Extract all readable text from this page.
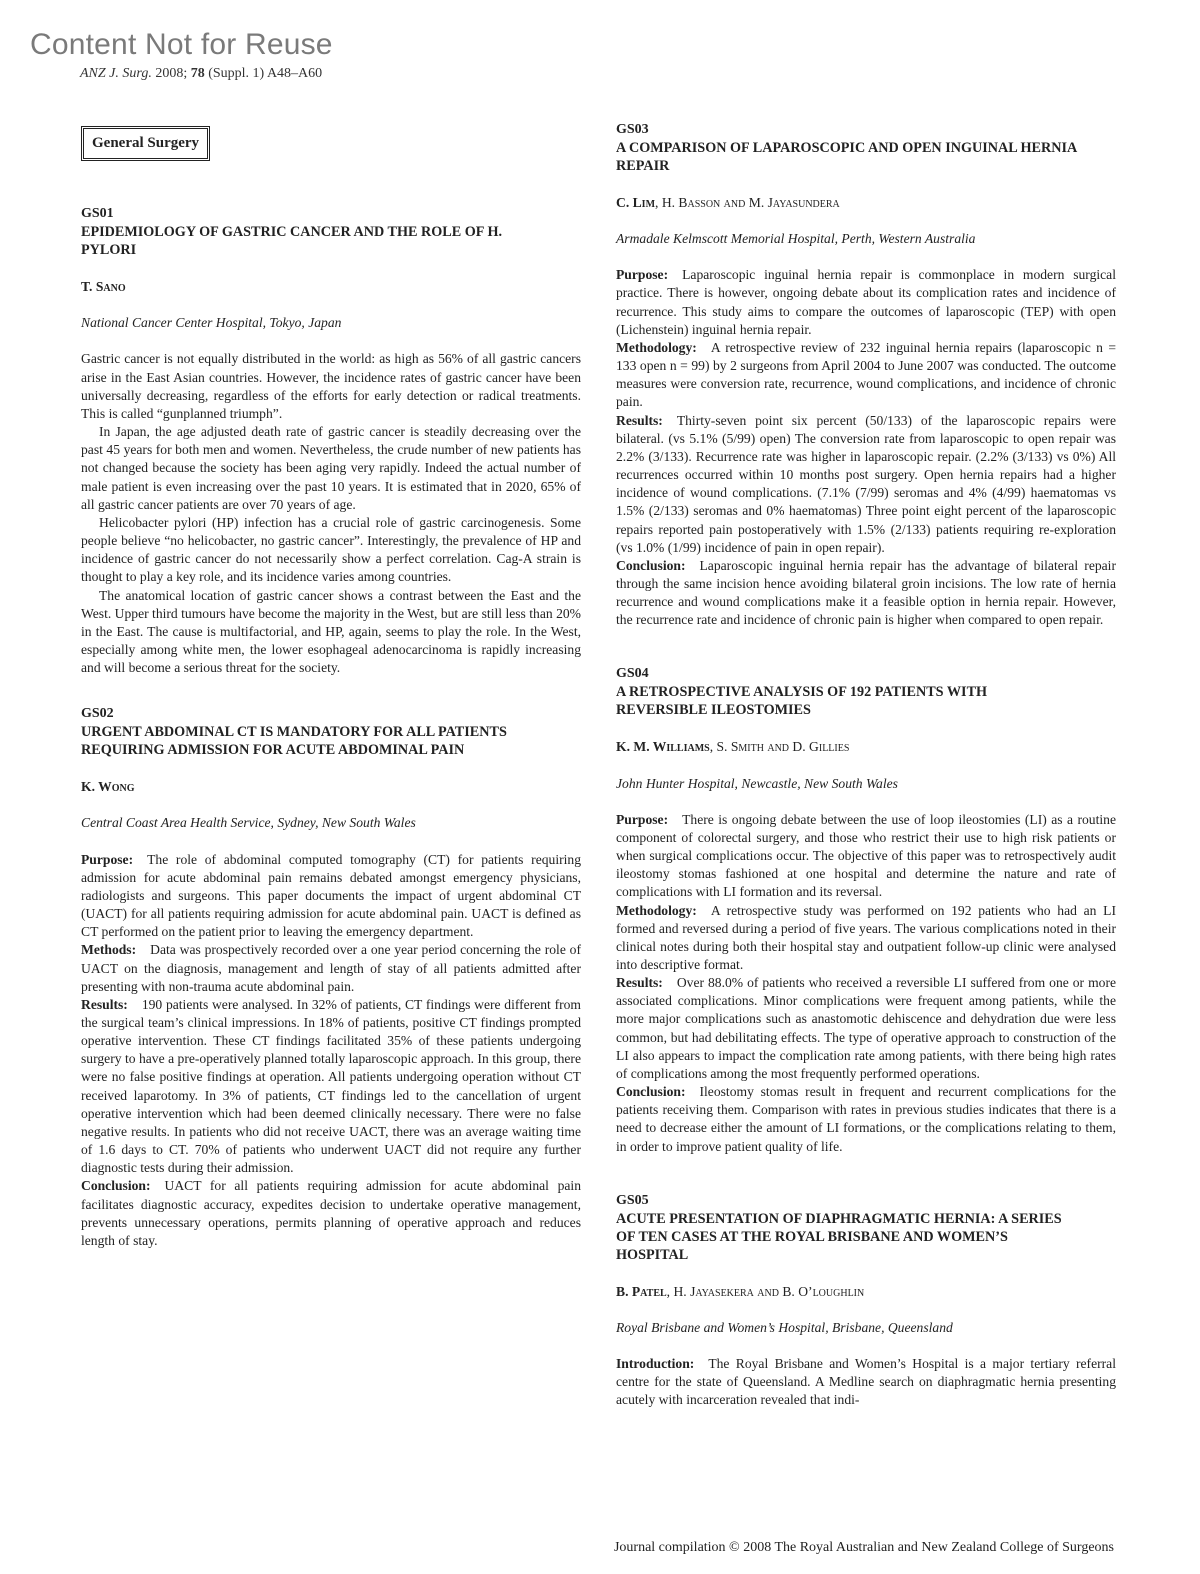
Content Not for Reuse
ANZ J. Surg. 2008; 78 (Suppl. 1) A48–A60
General Surgery

GS01

EPIDEMIOLOGY OF GASTRIC CANCER AND THE ROLE OF H. PYLORI

T. Sano

National Cancer Center Hospital, Tokyo, Japan

Gastric cancer is not equally distributed in the world: as high as 56% of all gastric cancers arise in the East Asian countries. However, the incidence rates of gastric cancer have been universally decreasing, regardless of the efforts for early detection or radical treatments. This is called “gunplanned triumph”.

In Japan, the age adjusted death rate of gastric cancer is steadily decreasing over the past 45 years for both men and women. Nevertheless, the crude number of new patients has not changed because the society has been aging very rapidly. Indeed the actual number of male patient is even increasing over the past 10 years. It is estimated that in 2020, 65% of all gastric cancer patients are over 70 years of age.

Helicobacter pylori (HP) infection has a crucial role of gastric carcinogenesis. Some people believe “no helicobacter, no gastric cancer”. Interestingly, the prevalence of HP and incidence of gastric cancer do not necessarily show a perfect correlation. Cag-A strain is thought to play a key role, and its incidence varies among countries.

The anatomical location of gastric cancer shows a contrast between the East and the West. Upper third tumours have become the majority in the West, but are still less than 20% in the East. The cause is multifactorial, and HP, again, seems to play the role. In the West, especially among white men, the lower esophageal adenocarcinoma is rapidly increasing and will become a serious threat for the society.

GS02

URGENT ABDOMINAL CT IS MANDATORY FOR ALL PATIENTS REQUIRING ADMISSION FOR ACUTE ABDOMINAL PAIN

K. Wong

Central Coast Area Health Service, Sydney, New South Wales

Purpose: The role of abdominal computed tomography (CT) for patients requiring admission for acute abdominal pain remains debated amongst emergency physicians, radiologists and surgeons. This paper documents the impact of urgent abdominal CT (UACT) for all patients requiring admission for acute abdominal pain. UACT is defined as CT performed on the patient prior to leaving the emergency department.

Methods: Data was prospectively recorded over a one year period concerning the role of UACT on the diagnosis, management and length of stay of all patients admitted after presenting with non-trauma acute abdominal pain.

Results: 190 patients were analysed. In 32% of patients, CT findings were different from the surgical team’s clinical impressions. In 18% of patients, positive CT findings prompted operative intervention. These CT findings facilitated 35% of these patients undergoing surgery to have a pre-operatively planned totally laparoscopic approach. In this group, there were no false positive findings at operation. All patients undergoing operation without CT received laparotomy. In 3% of patients, CT findings led to the cancellation of urgent operative intervention which had been deemed clinically necessary. There were no false negative results. In patients who did not receive UACT, there was an average waiting time of 1.6 days to CT. 70% of patients who underwent UACT did not require any further diagnostic tests during their admission.

Conclusion: UACT for all patients requiring admission for acute abdominal pain facilitates diagnostic accuracy, expedites decision to undertake operative management, prevents unnecessary operations, permits planning of operative approach and reduces length of stay.

GS03

A COMPARISON OF LAPAROSCOPIC AND OPEN INGUINAL HERNIA REPAIR

C. Lim, H. Basson and M. Jayasundera

Armadale Kelmscott Memorial Hospital, Perth, Western Australia

Purpose: Laparoscopic inguinal hernia repair is commonplace in modern surgical practice. There is however, ongoing debate about its complication rates and incidence of recurrence. This study aims to compare the outcomes of laparoscopic (TEP) with open (Lichenstein) inguinal hernia repair.

Methodology: A retrospective review of 232 inguinal hernia repairs (laparoscopic n = 133 open n = 99) by 2 surgeons from April 2004 to June 2007 was conducted. The outcome measures were conversion rate, recurrence, wound complications, and incidence of chronic pain.

Results: Thirty-seven point six percent (50/133) of the laparoscopic repairs were bilateral. (vs 5.1% (5/99) open) The conversion rate from laparoscopic to open repair was 2.2% (3/133). Recurrence rate was higher in laparoscopic repair. (2.2% (3/133) vs 0%) All recurrences occurred within 10 months post surgery. Open hernia repairs had a higher incidence of wound complications. (7.1% (7/99) seromas and 4% (4/99) haematomas vs 1.5% (2/133) seromas and 0% haematomas) Three point eight percent of the laparoscopic repairs reported pain postoperatively with 1.5% (2/133) patients requiring re-exploration (vs 1.0% (1/99) incidence of pain in open repair).

Conclusion: Laparoscopic inguinal hernia repair has the advantage of bilateral repair through the same incision hence avoiding bilateral groin incisions. The low rate of hernia recurrence and wound complications make it a feasible option in hernia repair. However, the recurrence rate and incidence of chronic pain is higher when compared to open repair.

GS04

A RETROSPECTIVE ANALYSIS OF 192 PATIENTS WITH REVERSIBLE ILEOSTOMIES

K. M. Williams, S. Smith and D. Gillies

John Hunter Hospital, Newcastle, New South Wales

Purpose: There is ongoing debate between the use of loop ileostomies (LI) as a routine component of colorectal surgery, and those who restrict their use to high risk patients or when surgical complications occur. The objective of this paper was to retrospectively audit ileostomy stomas fashioned at one hospital and determine the nature and rate of complications with LI formation and its reversal.

Methodology: A retrospective study was performed on 192 patients who had an LI formed and reversed during a period of five years. The various complications noted in their clinical notes during both their hospital stay and outpatient follow-up clinic were analysed into descriptive format.

Results: Over 88.0% of patients who received a reversible LI suffered from one or more associated complications. Minor complications were frequent among patients, while the more major complications such as anastomotic dehiscence and dehydration due were less common, but had debilitating effects. The type of operative approach to construction of the LI also appears to impact the complication rate among patients, with there being high rates of complications among the most frequently performed operations.

Conclusion: Ileostomy stomas result in frequent and recurrent complications for the patients receiving them. Comparison with rates in previous studies indicates that there is a need to decrease either the amount of LI formations, or the complications relating to them, in order to improve patient quality of life.

GS05

ACUTE PRESENTATION OF DIAPHRAGMATIC HERNIA: A SERIES OF TEN CASES AT THE ROYAL BRISBANE AND WOMEN’S HOSPITAL

B. Patel, H. Jayasekera and B. O’loughlin

Royal Brisbane and Women’s Hospital, Brisbane, Queensland

Introduction: The Royal Brisbane and Women’s Hospital is a major tertiary referral centre for the state of Queensland. A Medline search on diaphragmatic hernia presenting acutely with incarceration revealed that indi-

Journal compilation © 2008 The Royal Australian and New Zealand College of Surgeons
